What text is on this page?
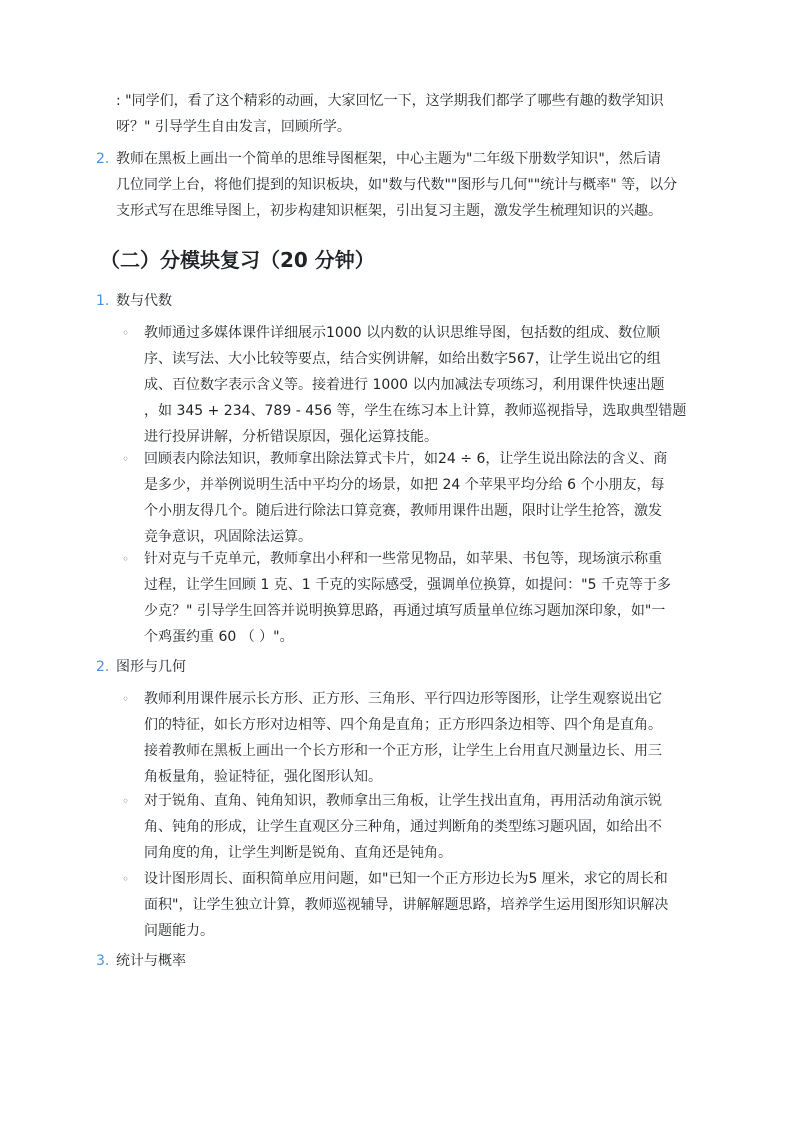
: "同学们，看了这个精彩的动画，大家回忆一下，这学期我们都学了哪些有趣的数学知识
呀？" 引导学生自由发言，回顾所学。
2. 教师在黑板上画出一个简单的思维导图框架，中心主题为"二年级下册数学知识"，然后请
几位同学上台，将他们提到的知识板块，如"数与代数""图形与几何""统计与概率" 等，以分
支形式写在思维导图上，初步构建知识框架，引出复习主题，激发学生梳理知识的兴趣。
（二）分模块复习（20 分钟）
1. 数与代数
◦	教师通过多媒体课件详细展示1000 以内数的认识思维导图，包括数的组成、数位顺
序、读写法、大小比较等要点，结合实例讲解，如给出数字567，让学生说出它的组
成、百位数字表示含义等。接着进行 1000 以内加减法专项练习，利用课件快速出题
，如 345 + 234、789 - 456 等，学生在练习本上计算，教师巡视指导，选取典型错题
进行投屏讲解，分析错误原因，强化运算技能。
◦	回顾表内除法知识，教师拿出除法算式卡片，如24 ÷ 6，让学生说出除法的含义、商
是多少，并举例说明生活中平均分的场景，如把 24 个苹果平均分给 6 个小朋友，每
个小朋友得几个。随后进行除法口算竞赛，教师用课件出题，限时让学生抢答，激发
竞争意识，巩固除法运算。
◦	针对克与千克单元，教师拿出小秤和一些常见物品，如苹果、书包等，现场演示称重
过程，让学生回顾 1 克、1 千克的实际感受，强调单位换算，如提问："5 千克等于多
少克？" 引导学生回答并说明换算思路，再通过填写质量单位练习题加深印象，如"一
个鸡蛋约重 60 （ ）"。
2. 图形与几何
◦	教师利用课件展示长方形、正方形、三角形、平行四边形等图形，让学生观察说出它
们的特征，如长方形对边相等、四个角是直角；正方形四条边相等、四个角是直角。
接着教师在黑板上画出一个长方形和一个正方形，让学生上台用直尺测量边长、用三
角板量角，验证特征，强化图形认知。
◦	对于锐角、直角、钝角知识，教师拿出三角板，让学生找出直角，再用活动角演示锐
角、钝角的形成，让学生直观区分三种角，通过判断角的类型练习题巩固，如给出不
同角度的角，让学生判断是锐角、直角还是钝角。
◦	设计图形周长、面积简单应用问题，如"已知一个正方形边长为5 厘米，求它的周长和
面积"，让学生独立计算，教师巡视辅导，讲解解题思路，培养学生运用图形知识解决
问题能力。
3. 统计与概率
